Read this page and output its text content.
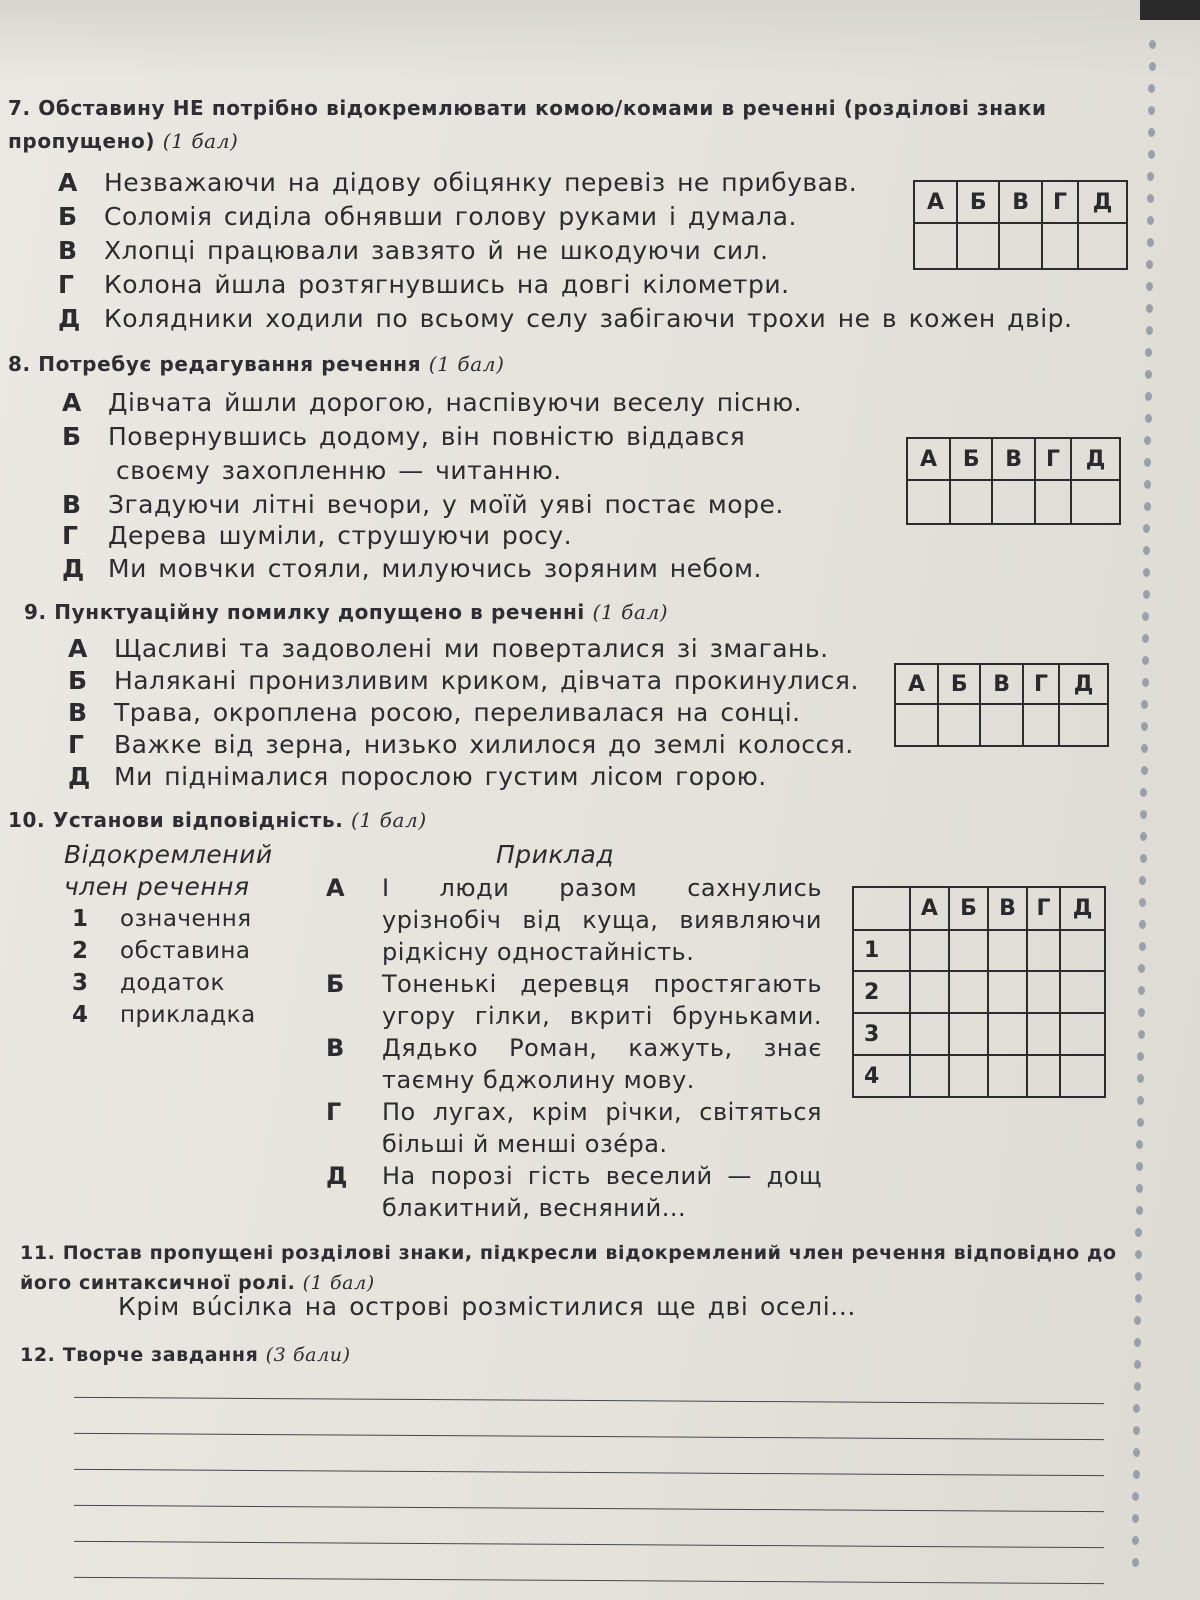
7. Обставину НЕ потрібно відокремлювати комою/комами в реченні (розділові знаки пропущено) (1 бал)
А Незважаючи на дідову обіцянку перевіз не прибував.
Б Соломія сиділа обнявши голову руками і думала.
В Хлопці працювали завзято й не шкодуючи сил.
Г Колона йшла розтягнувшись на довгі кілометри.
Д Колядники ходили по всьому селу забігаючи трохи не в кожен двір.
А	Б	В	Г	Д

8. Потребує редагування речення (1 бал)
А Дівчата йшли дорогою, наспівуючи веселу пісню.
Б Повернувшись додому, він повністю віддався
своєму захопленню — читанню.
В Згадуючи літні вечори, у моїй уяві постає море.
Г Дерева шуміли, струшуючи росу.
Д Ми мовчки стояли, милуючись зоряним небом.
А	Б	В	Г	Д

9. Пунктуаційну помилку допущено в реченні (1 бал)
А Щасливі та задоволені ми поверталися зі змагань.
Б Налякані пронизливим криком, дівчата прокинулися.
В Трава, окроплена росою, переливалася на сонці.
Г Важке від зерна, низько хилилося до землі колосся.
Д Ми піднімалися порослою густим лісом горою.
А	Б	В	Г	Д

10. Установи відповідність. (1 бал)
Відокремлений
член речення
Приклад
1 означення
2 обставина
3 додаток
4 прикладка
А І люди разом сахнулись
урізнобіч від куща, виявляючи
рідкісну одностайність.
Б Тоненькі деревця простягають
угору гілки, вкриті бруньками.
В Дядько Роман, кажуть, знає
таємну бджолину мову.
Г По лугах, крім річки, світяться
більші й менші озéра.
Д На порозі гість веселий — дощ
блакитний, весняний...
	А	Б	В	Г	Д
1					
2					
3					
4					
11. Постав пропущені розділові знаки, підкресли відокремлений член речення відповідно до його синтаксичної ролі. (1 бал)
Крім вúсілка на острові розмістилися ще дві оселі...
12. Творче завдання (3 бали)
